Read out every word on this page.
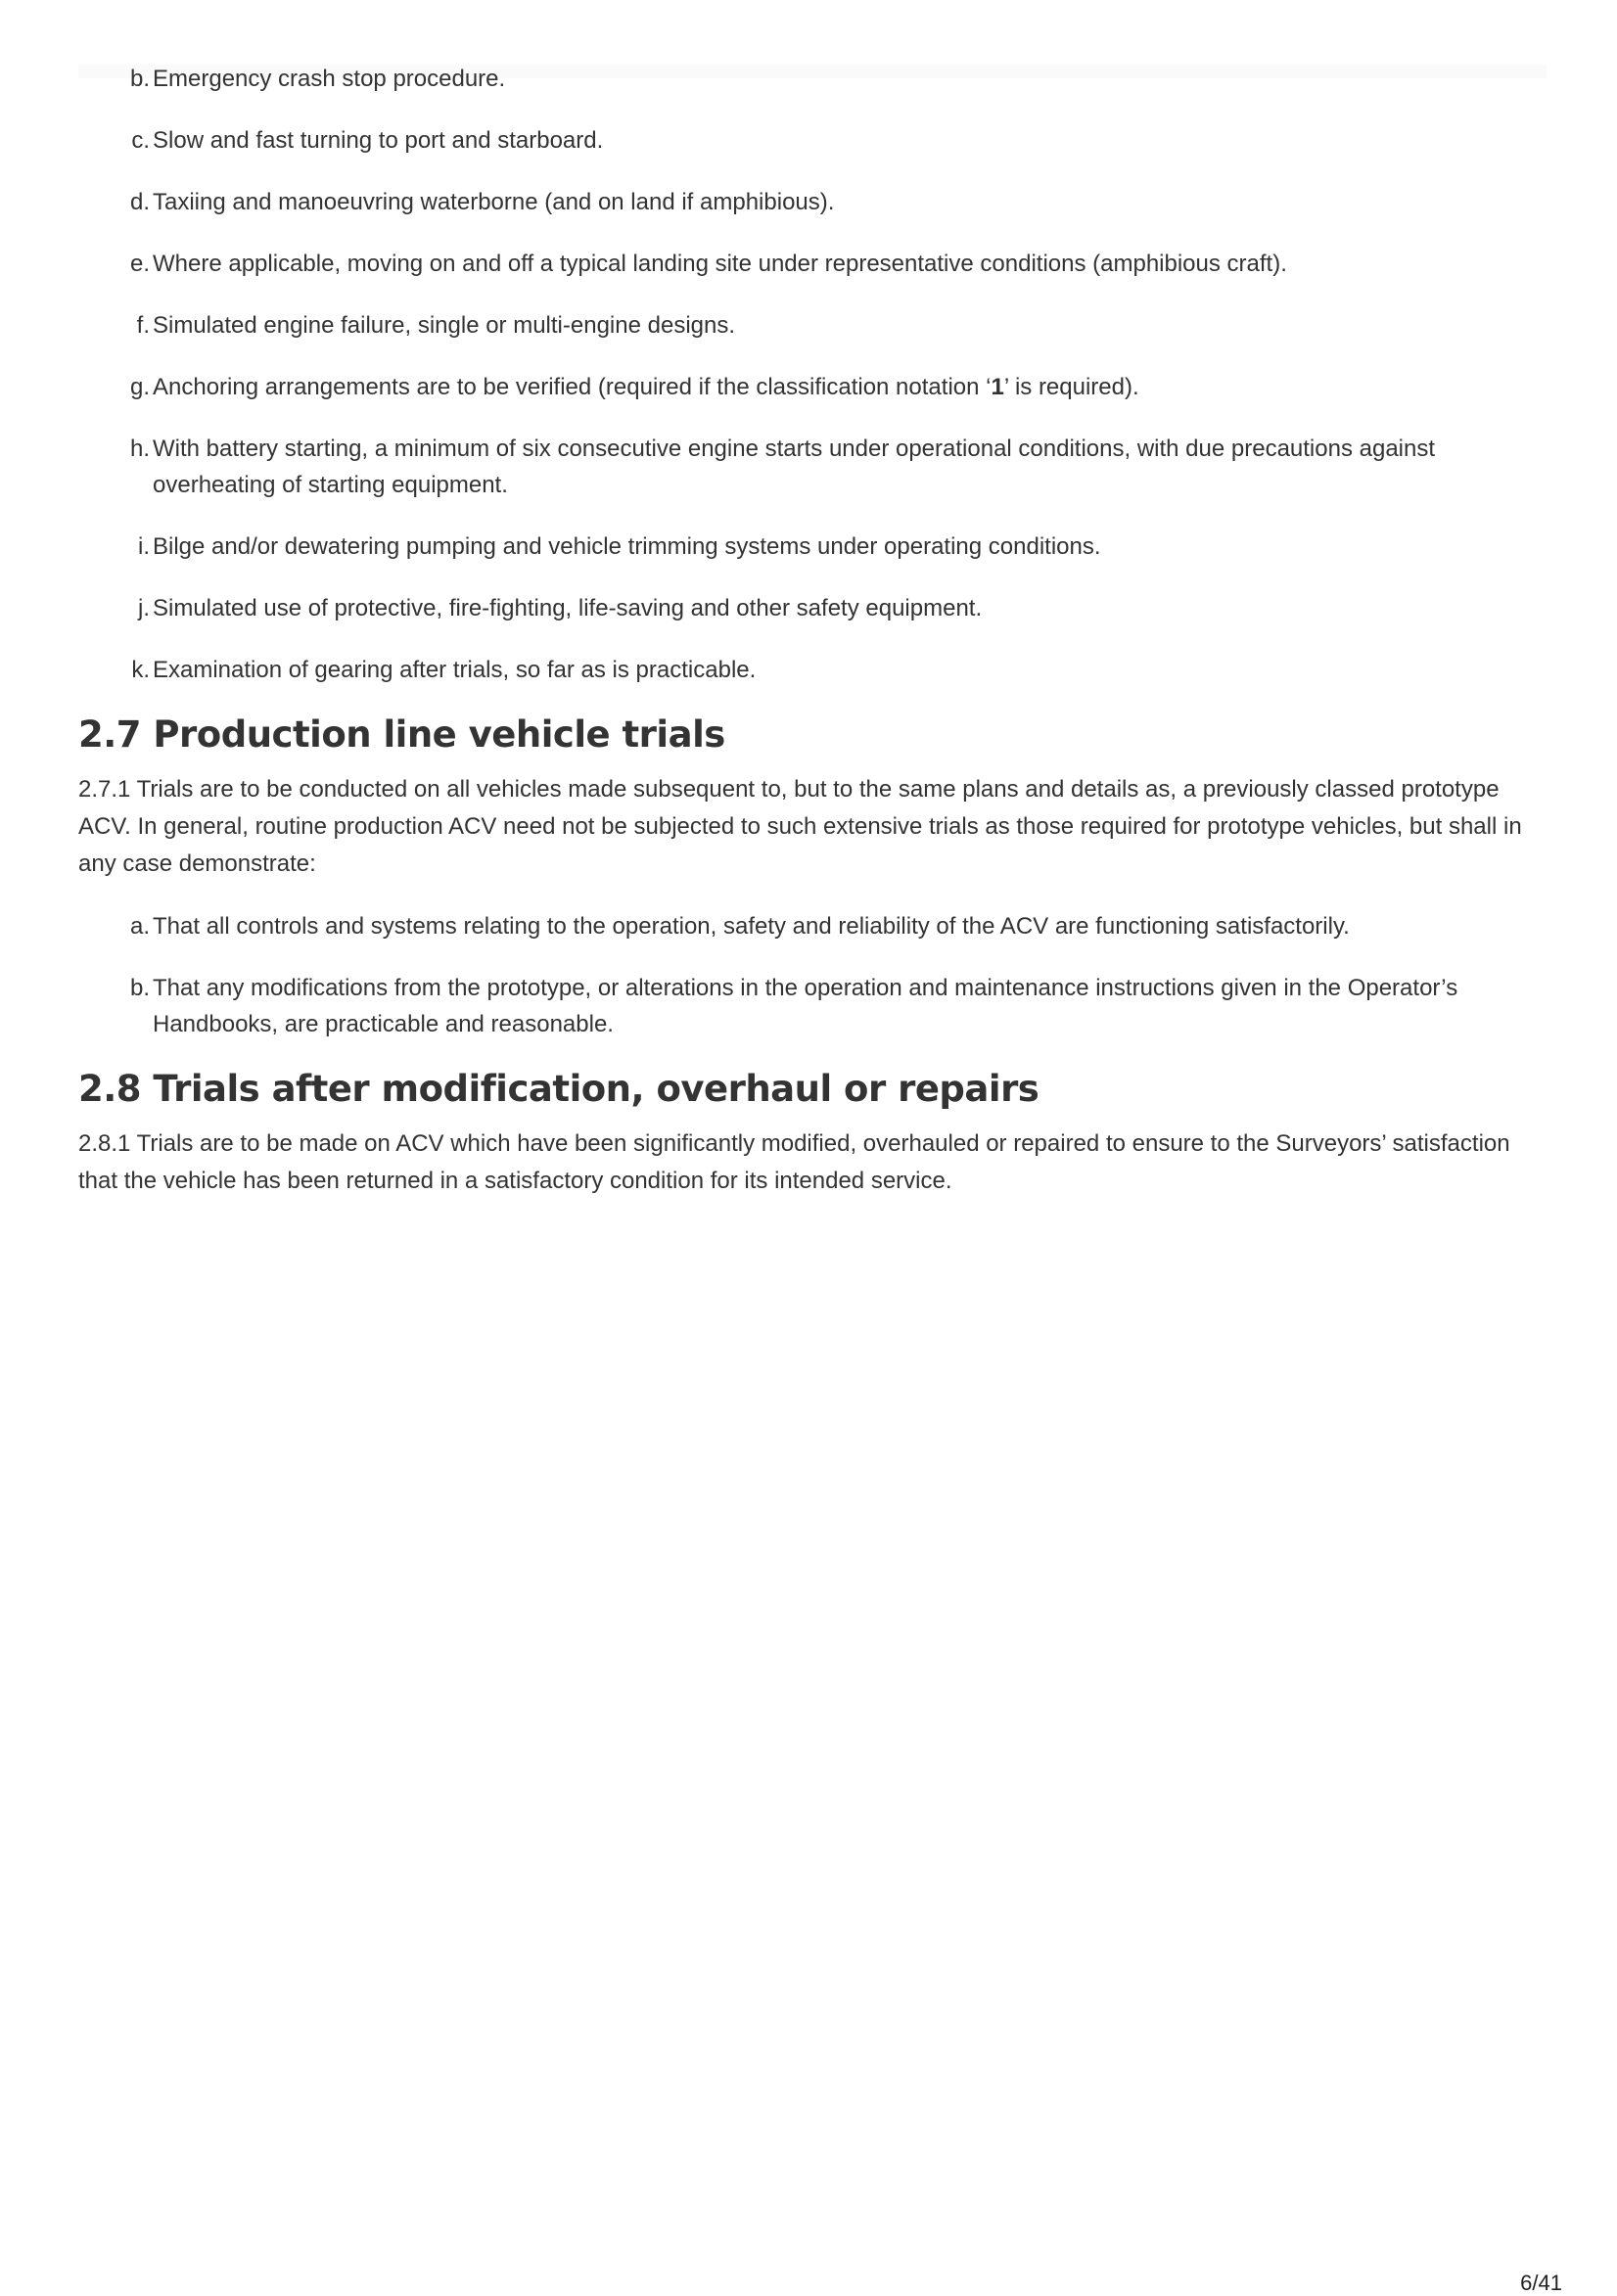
b. Emergency crash stop procedure.
c. Slow and fast turning to port and starboard.
d. Taxiing and manoeuvring waterborne (and on land if amphibious).
e. Where applicable, moving on and off a typical landing site under representative conditions (amphibious craft).
f. Simulated engine failure, single or multi-engine designs.
g. Anchoring arrangements are to be verified (required if the classification notation ‘1’ is required).
h. With battery starting, a minimum of six consecutive engine starts under operational conditions, with due precautions against overheating of starting equipment.
i. Bilge and/or dewatering pumping and vehicle trimming systems under operating conditions.
j. Simulated use of protective, fire-fighting, life-saving and other safety equipment.
k. Examination of gearing after trials, so far as is practicable.
2.7 Production line vehicle trials

2.7.1 Trials are to be conducted on all vehicles made subsequent to, but to the same plans and details as, a previously classed prototype ACV. In general, routine production ACV need not be subjected to such extensive trials as those required for prototype vehicles, but shall in any case demonstrate:

a. That all controls and systems relating to the operation, safety and reliability of the ACV are functioning satisfactorily.
b. That any modifications from the prototype, or alterations in the operation and maintenance instructions given in the Operator’s Handbooks, are practicable and reasonable.
2.8 Trials after modification, overhaul or repairs

2.8.1 Trials are to be made on ACV which have been significantly modified, overhauled or repaired to ensure to the Surveyors’ satisfaction that the vehicle has been returned in a satisfactory condition for its intended service.

6/41
